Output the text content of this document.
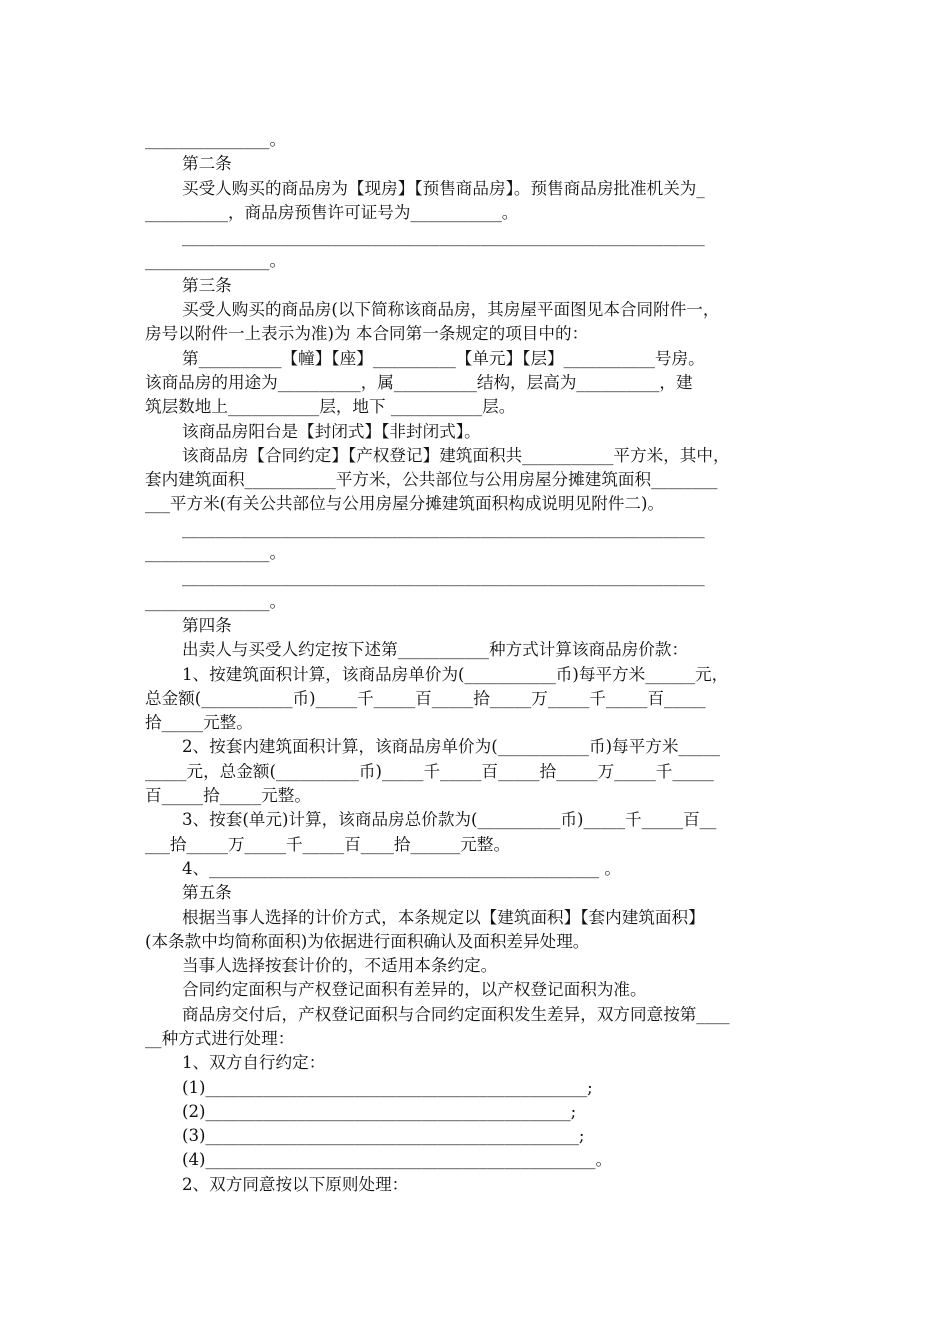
_______________。
第二条
买受人购买的商品房为【现房】【预售商品房】。预售商品房批准机关为_
__________，商品房预售许可证号为___________。
_______________________________________________________________
_______________。
第三条
买受人购买的商品房(以下简称该商品房，其房屋平面图见本合同附件一，
房号以附件一上表示为准)为 本合同第一条规定的项目中的：
第__________【幢】【座】__________【单元】【层】___________号房。
该商品房的用途为__________，属__________结构，层高为__________，建
筑层数地上___________层，地下 ___________层。
该商品房阳台是【封闭式】【非封闭式】。
该商品房【合同约定】【产权登记】建筑面积共___________平方米，其中，
套内建筑面积___________平方米，公共部位与公用房屋分摊建筑面积________
___平方米(有关公共部位与公用房屋分摊建筑面积构成说明见附件二)。
_______________________________________________________________
_______________。
_______________________________________________________________
_______________。
第四条
出卖人与买受人约定按下述第___________种方式计算该商品房价款：
1、按建筑面积计算，该商品房单价为(___________币)每平方米______元，
总金额(___________币)_____千_____百_____拾_____万_____千_____百_____
拾_____元整。
2、按套内建筑面积计算，该商品房单价为(___________币)每平方米_____
_____元，总金额(__________币)_____千_____百_____拾_____万_____千_____
百_____拾_____元整。
3、按套(单元)计算，该商品房总价款为(__________币)_____千_____百__
___拾_____万_____千_____百____拾______元整。
4、_______________________________________________ 。
第五条
根据当事人选择的计价方式，本条规定以【建筑面积】【套内建筑面积】
(本条款中均简称面积)为依据进行面积确认及面积差异处理。
当事人选择按套计价的，不适用本条约定。
合同约定面积与产权登记面积有差异的，以产权登记面积为准。
商品房交付后，产权登记面积与合同约定面积发生差异，双方同意按第____
__种方式进行处理：
1、双方自行约定：
(1)______________________________________________;
(2)____________________________________________;
(3)_____________________________________________;
(4)_______________________________________________。
2、双方同意按以下原则处理：
